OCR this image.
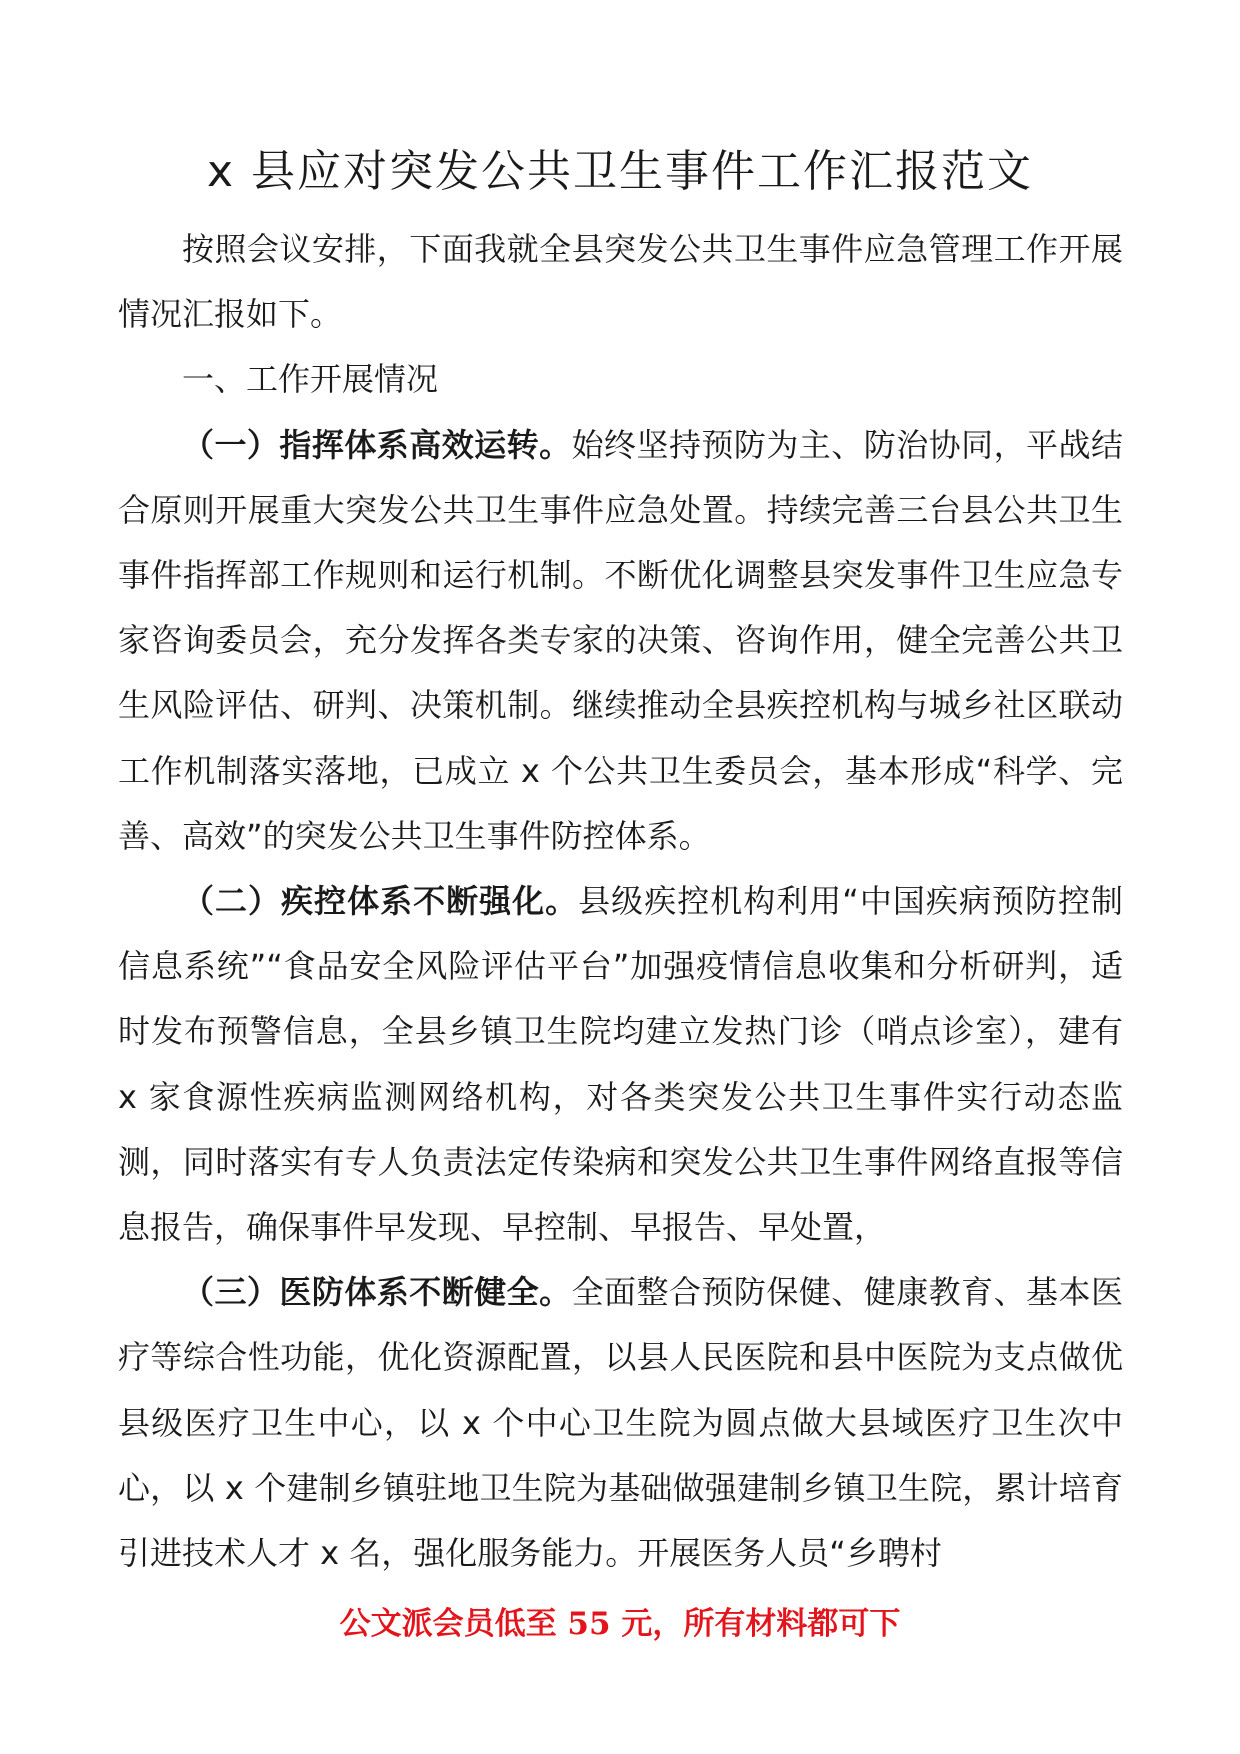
x 县应对突发公共卫生事件工作汇报范文

按照会议安排，下面我就全县突发公共卫生事件应急管理工作开展情况汇报如下。

一、工作开展情况

（一）指挥体系高效运转。始终坚持预防为主、防治协同，平战结合原则开展重大突发公共卫生事件应急处置。持续完善三台县公共卫生事件指挥部工作规则和运行机制。不断优化调整县突发事件卫生应急专家咨询委员会，充分发挥各类专家的决策、咨询作用，健全完善公共卫生风险评估、研判、决策机制。继续推动全县疾控机构与城乡社区联动工作机制落实落地，已成立 x 个公共卫生委员会，基本形成“科学、完善、高效”的突发公共卫生事件防控体系。

（二）疾控体系不断强化。县级疾控机构利用“中国疾病预防控制信息系统”“食品安全风险评估平台”加强疫情信息收集和分析研判，适时发布预警信息，全县乡镇卫生院均建立发热门诊（哨点诊室），建有 x 家食源性疾病监测网络机构，对各类突发公共卫生事件实行动态监测，同时落实有专人负责法定传染病和突发公共卫生事件网络直报等信息报告，确保事件早发现、早控制、早报告、早处置，

（三）医防体系不断健全。全面整合预防保健、健康教育、基本医疗等综合性功能，优化资源配置，以县人民医院和县中医院为支点做优县级医疗卫生中心，以 x 个中心卫生院为圆点做大县域医疗卫生次中心，以 x 个建制乡镇驻地卫生院为基础做强建制乡镇卫生院，累计培育引进技术人才 x 名，强化服务能力。开展医务人员“乡聘村

公文派会员低至 55 元，所有材料都可下
